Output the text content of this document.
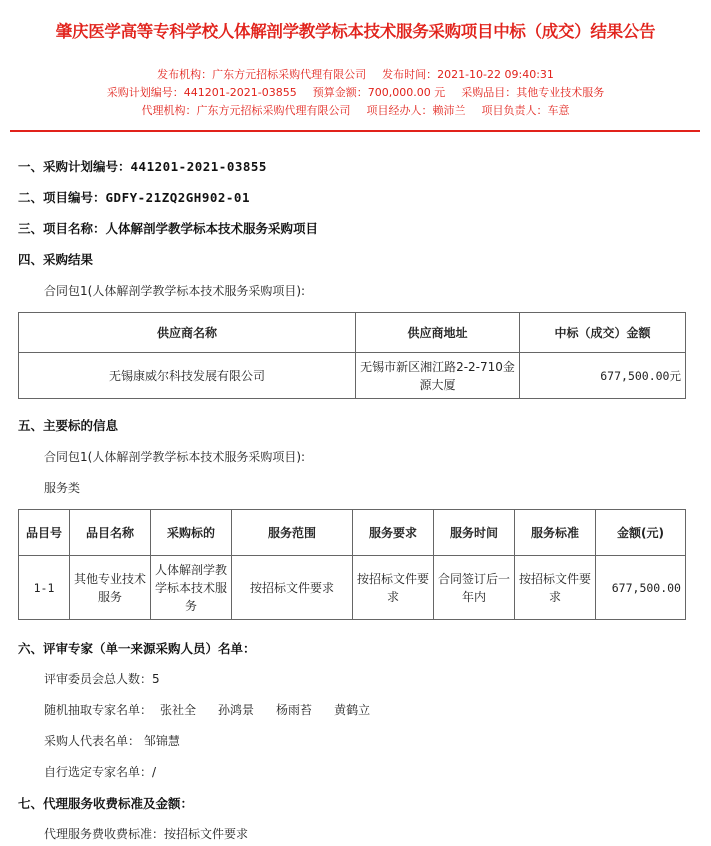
肇庆医学高等专科学校人体解剖学教学标本技术服务采购项目中标（成交）结果公告
发布机构：广东方元招标采购代理有限公司 发布时间：2021-10-22 09:40:31
采购计划编号：441201-2021-03855 预算金额：700,000.00 元 采购品目：其他专业技术服务
代理机构：广东方元招标采购代理有限公司 项目经办人：赖沛兰 项目负责人：车意
一、采购计划编号：441201-2021-03855
二、项目编号：GDFY-21ZQ2GH902-01
三、项目名称：人体解剖学教学标本技术服务采购项目
四、采购结果
合同包1(人体解剖学教学标本技术服务采购项目):
供应商名称	供应商地址	中标（成交）金额
无锡康威尔科技发展有限公司	无锡市新区湘江路2-2-710金源大厦	677,500.00元
五、主要标的信息
合同包1(人体解剖学教学标本技术服务采购项目):
服务类
品目号	品目名称	采购标的	服务范围	服务要求	服务时间	服务标准	金额(元)
1-1	其他专业技术服务	人体解剖学教学标本技术服务	按招标文件要求	按招标文件要求	合同签订后一年内	按招标文件要求	677,500.00
六、评审专家（单一来源采购人员）名单：
评审委员会总人数：5
随机抽取专家名单： 张社全 孙鸿景 杨雨苔 黄鹤立
采购人代表名单： 邹锦慧
自行选定专家名单：/
七、代理服务收费标准及金额：
代理服务费收费标准：按招标文件要求
